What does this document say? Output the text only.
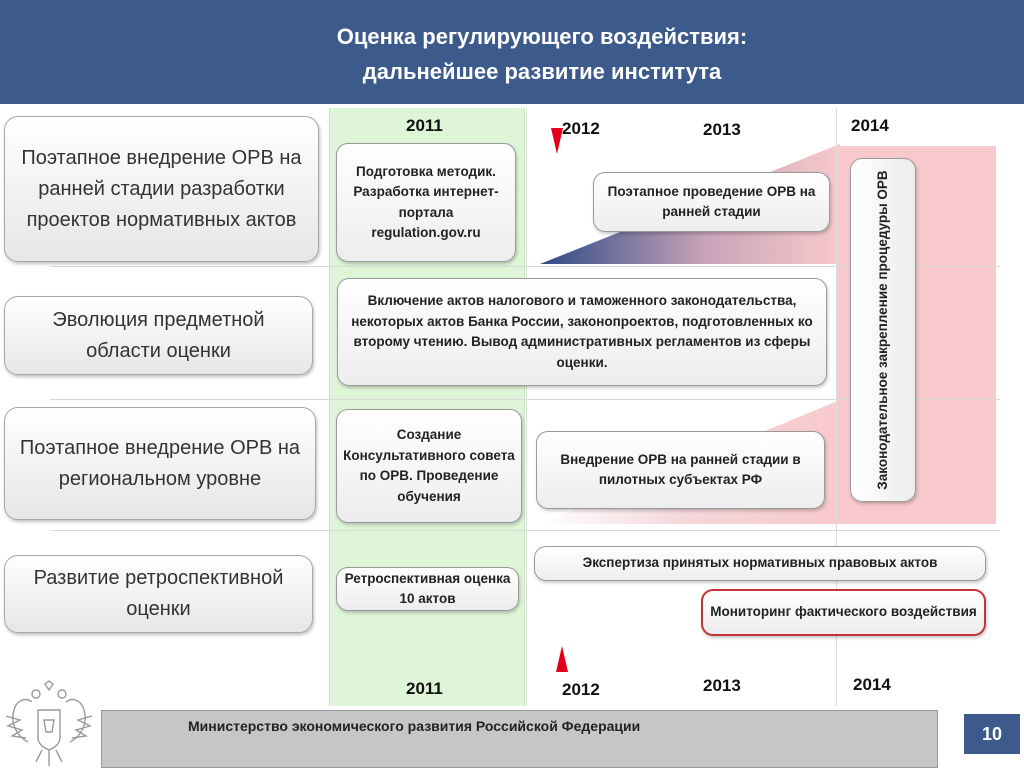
Оценка регулирующего воздействия:
дальнейшее развитие института
2011	2012	2013	2014
2011	2012	2013	2014
Поэтапное внедрение ОРВ на ранней стадии разработки проектов нормативных актов
Эволюция предметной области оценки
Поэтапное внедрение ОРВ на региональном уровне
Развитие ретроспективной оценки
Подготовка методик. Разработка интернет-портала regulation.gov.ru
Поэтапное проведение ОРВ на ранней стадии
Включение актов налогового и таможенного законодательства, некоторых актов Банка России, законопроектов, подготовленных ко второму чтению. Вывод административных регламентов из сферы оценки.
Создание Консультативного совета по ОРВ. Проведение обучения
Внедрение ОРВ на ранней стадии в пилотных субъектах РФ
Ретроспективная оценка 10 актов
Экспертиза принятых нормативных правовых актов
Мониторинг фактического воздействия
Законодательное закрепление процедуры ОРВ
Министерство экономического развития Российской Федерации	10
